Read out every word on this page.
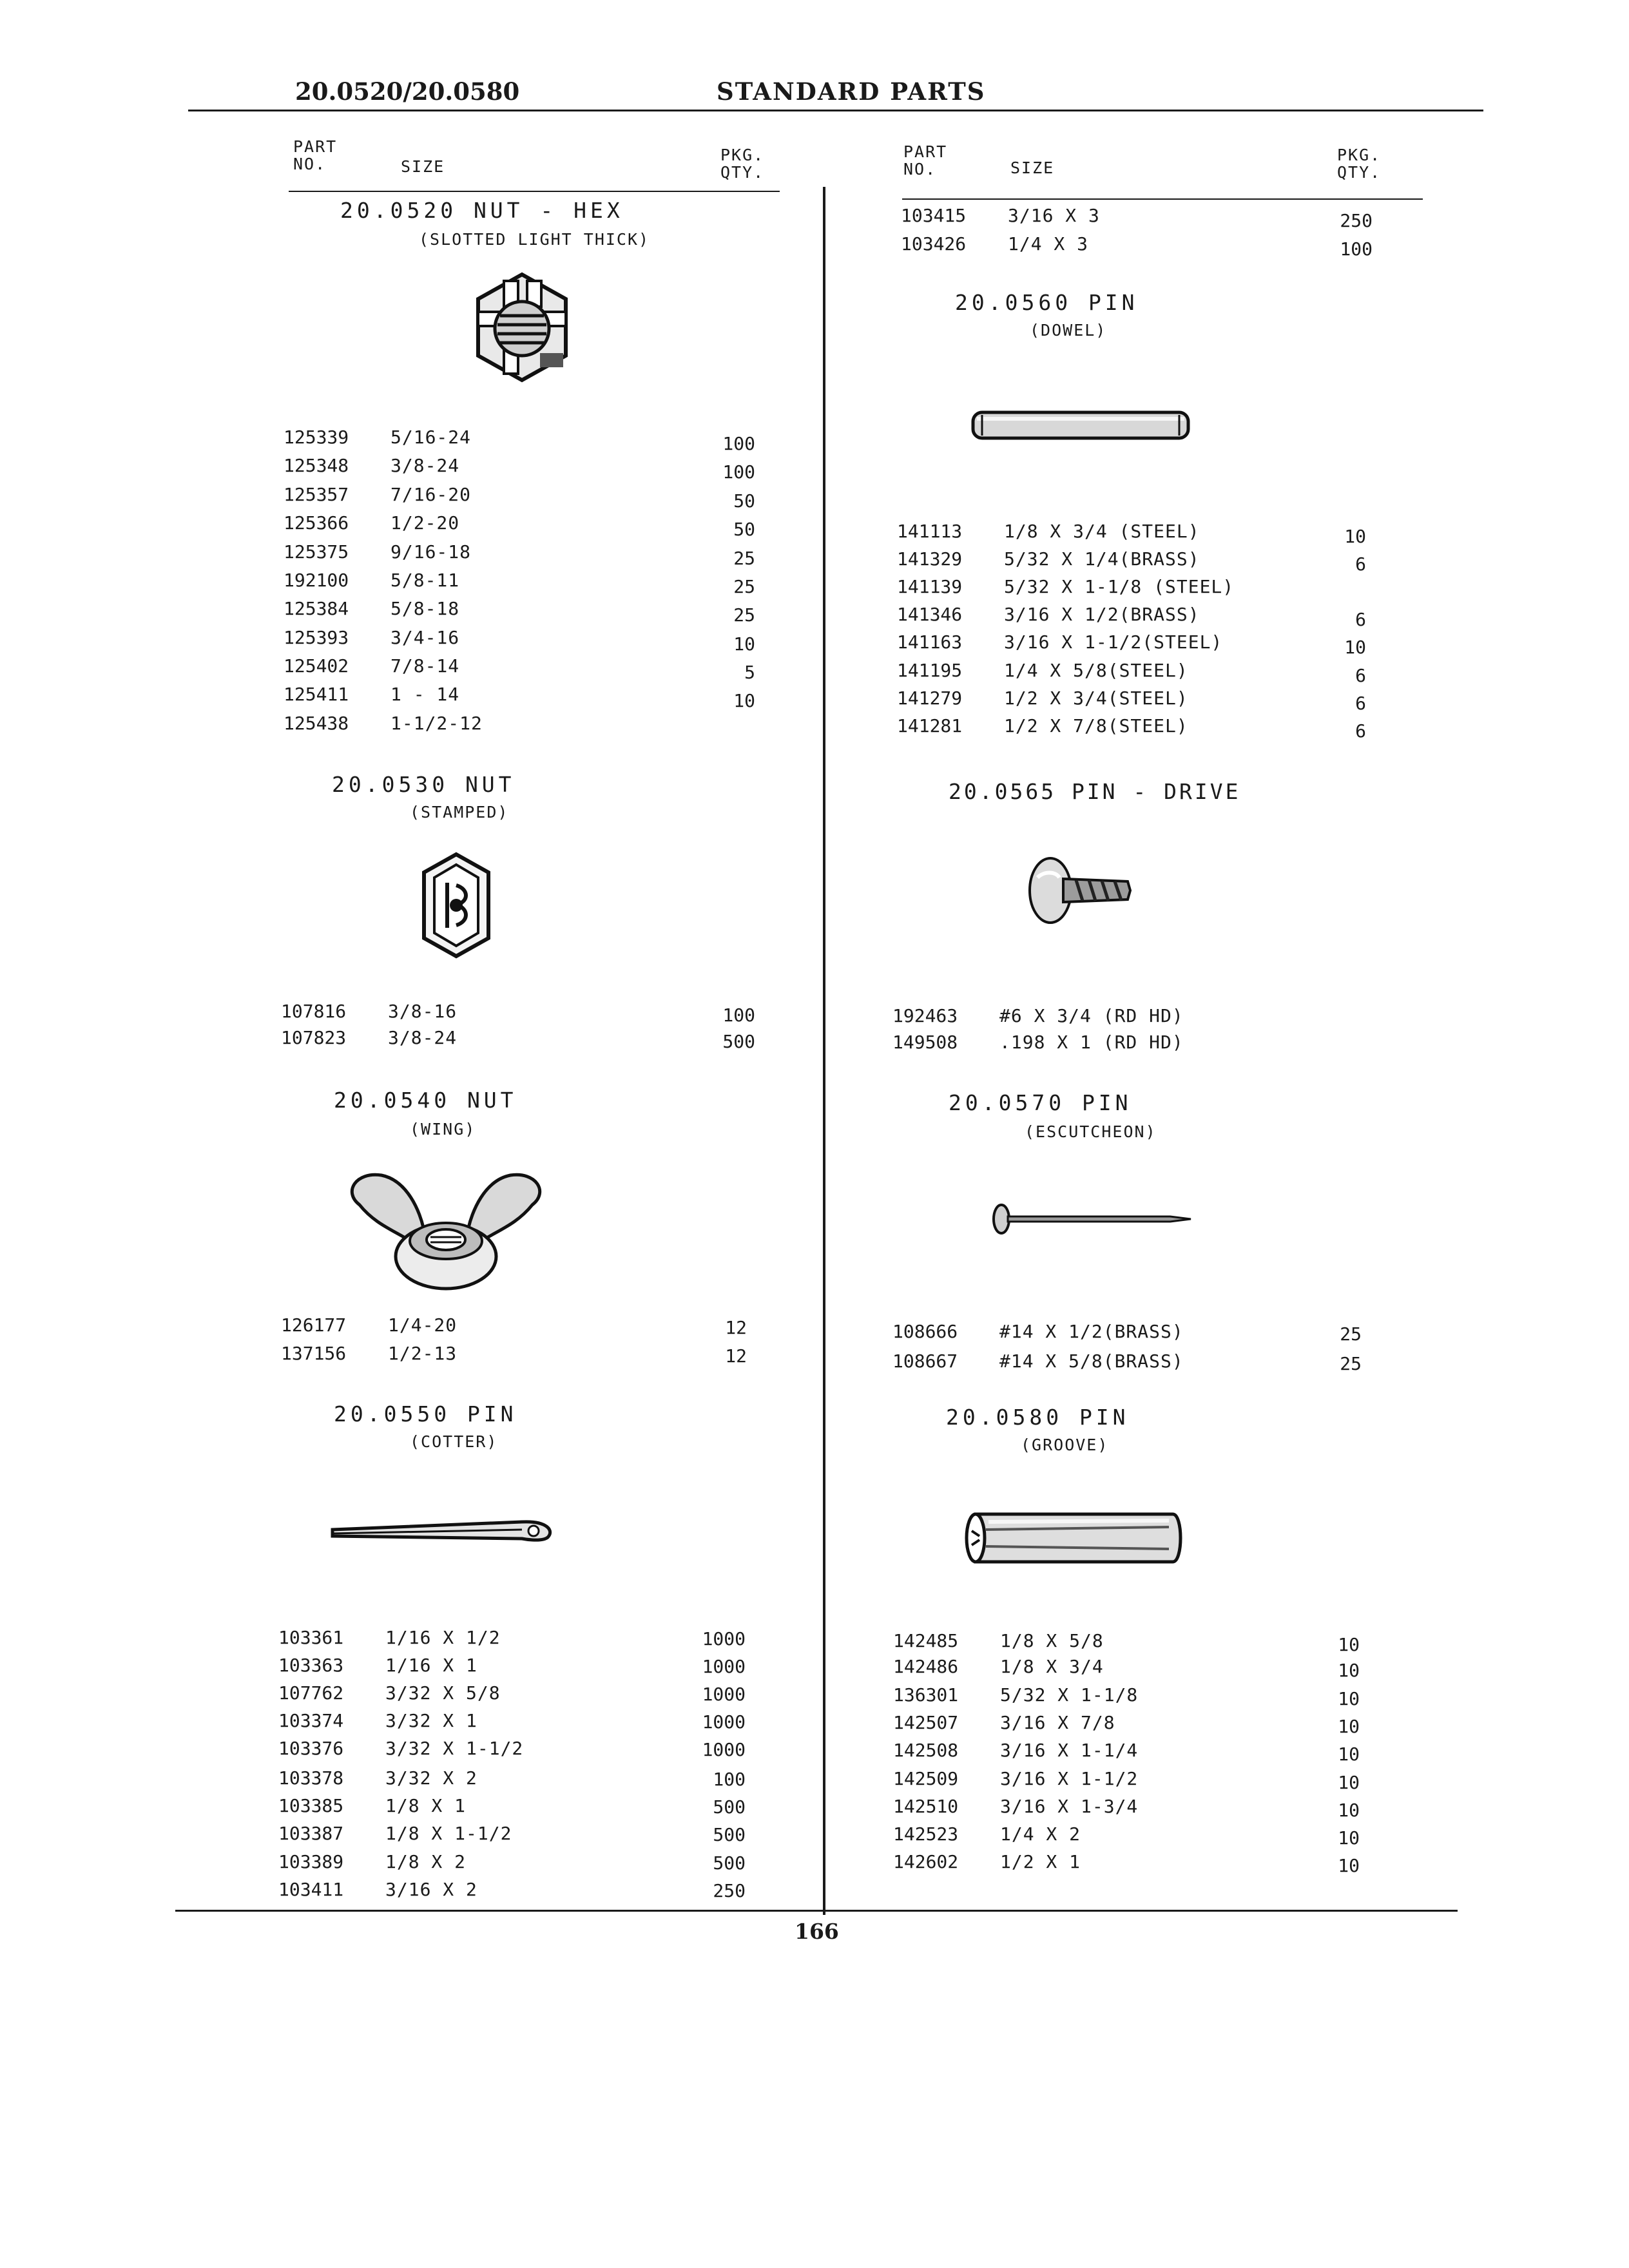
20.0520/20.0580	STANDARD PARTS
PART
NO.	SIZE
PKG.
QTY.
PART
NO.	SIZE
PKG.
QTY.
20.0520 NUT - HEX
(SLOTTED LIGHT THICK)
125339 5/16-24	100
125348 3/8-24	100
125357 7/16-20	50
125366 1/2-20	50
125375 9/16-18	25
192100 5/8-11	25
125384 5/8-18	25
125393 3/4-16	10
125402 7/8-14	5
125411 1 - 14	10
125438 1-1/2-12
20.0530 NUT
(STAMPED)
107816 3/8-16	100
107823 3/8-24	500
20.0540 NUT
(WING)
126177 1/4-20	12
137156 1/2-13	12
20.0550 PIN
(COTTER)
103361 1/16 X 1/2	1000
103363 1/16 X 1	1000
107762 3/32 X 5/8	1000
103374 3/32 X 1	1000
103376 3/32 X 1-1/2	1000
103378 3/32 X 2	100
103385 1/8 X 1	500
103387 1/8 X 1-1/2	500
103389 1/8 X 2	500
103411 3/16 X 2	250
103415 3/16 X 3	250
103426 1/4 X 3	100
20.0560 PIN
(DOWEL)
141113 1/8 X 3/4 (STEEL)	10
141329 5/32 X 1/4(BRASS)	6
141139 5/32 X 1-1/8 (STEEL)
141346 3/16 X 1/2(BRASS)	6
141163 3/16 X 1-1/2(STEEL)	10
141195 1/4 X 5/8(STEEL)	6
141279 1/2 X 3/4(STEEL)	6
141281 1/2 X 7/8(STEEL)	6
20.0565 PIN - DRIVE
192463 #6 X 3/4 (RD HD)
149508 .198 X 1 (RD HD)
20.0570 PIN
(ESCUTCHEON)
108666 #14 X 1/2(BRASS)	25
108667 #14 X 5/8(BRASS)	25
20.0580 PIN
(GROOVE)
142485 1/8 X 5/8	10
142486 1/8 X 3/4	10
136301 5/32 X 1-1/8	10
142507 3/16 X 7/8	10
142508 3/16 X 1-1/4	10
142509 3/16 X 1-1/2	10
142510 3/16 X 1-3/4	10
142523 1/4 X 2	10
142602 1/2 X 1	10
166
